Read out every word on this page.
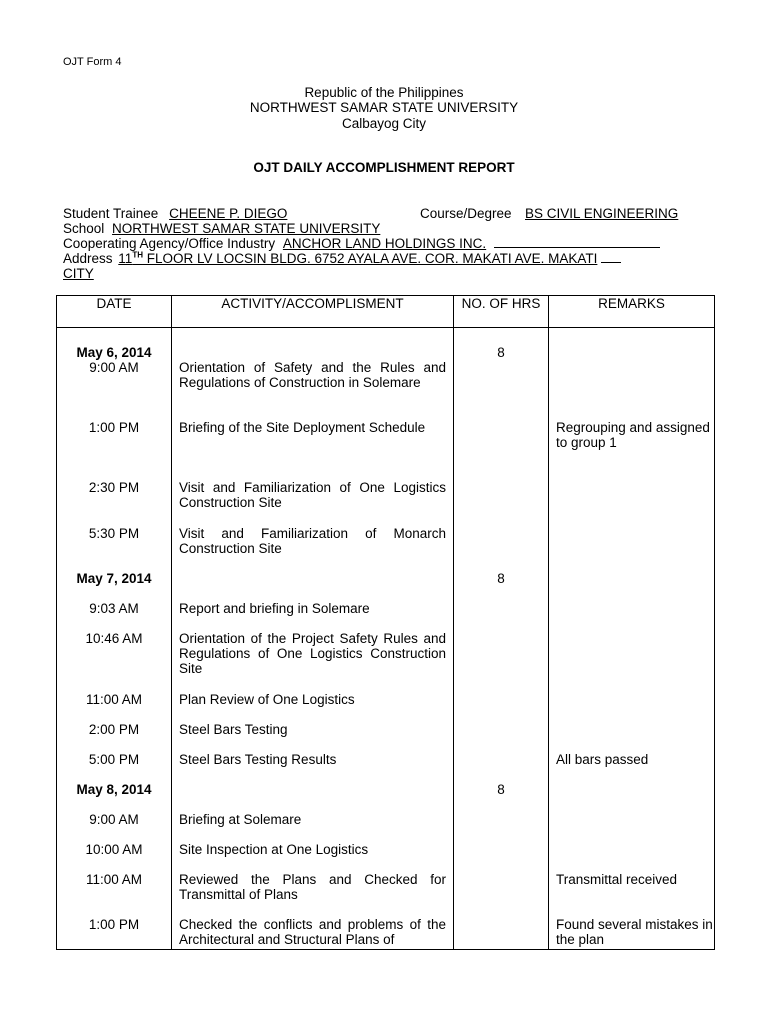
OJT Form 4
Republic of the Philippines
NORTHWEST SAMAR STATE UNIVERSITY
Calbayog City
OJT DAILY ACCOMPLISHMENT REPORT
Student Trainee CHEENE P. DIEGO	Course/Degree BS CIVIL ENGINEERING
School NORTHWEST SAMAR STATE UNIVERSITY
Cooperating Agency/Office Industry ANCHOR LAND HOLDINGS INC.
Address 11TH FLOOR LV LOCSIN BLDG. 6752 AYALA AVE. COR. MAKATI AVE. MAKATI
CITY
DATE	ACTIVITY/ACCOMPLISMENT	NO. OF HRS	REMARKS
May 6, 2014		8	
9:00 AM	Orientation of Safety and the Rules and Regulations of Construction in Solemare		
1:00 PM	Briefing of the Site Deployment Schedule		Regrouping and assigned to group 1
2:30 PM	Visit and Familiarization of One Logistics Construction Site		
5:30 PM	Visit and Familiarization of Monarch Construction Site		
May 7, 2014		8	
9:03 AM	Report and briefing in Solemare		
10:46 AM	Orientation of the Project Safety Rules and Regulations of One Logistics Construction Site		
11:00 AM	Plan Review of One Logistics		
2:00 PM	Steel Bars Testing		
5:00 PM	Steel Bars Testing Results		All bars passed
May 8, 2014		8	
9:00 AM	Briefing at Solemare		
10:00 AM	Site Inspection at One Logistics		
11:00 AM	Reviewed the Plans and Checked for Transmittal of Plans		Transmittal received
1:00 PM	Checked the conflicts and problems of the Architectural and Structural Plans of		Found several mistakes in the plan
